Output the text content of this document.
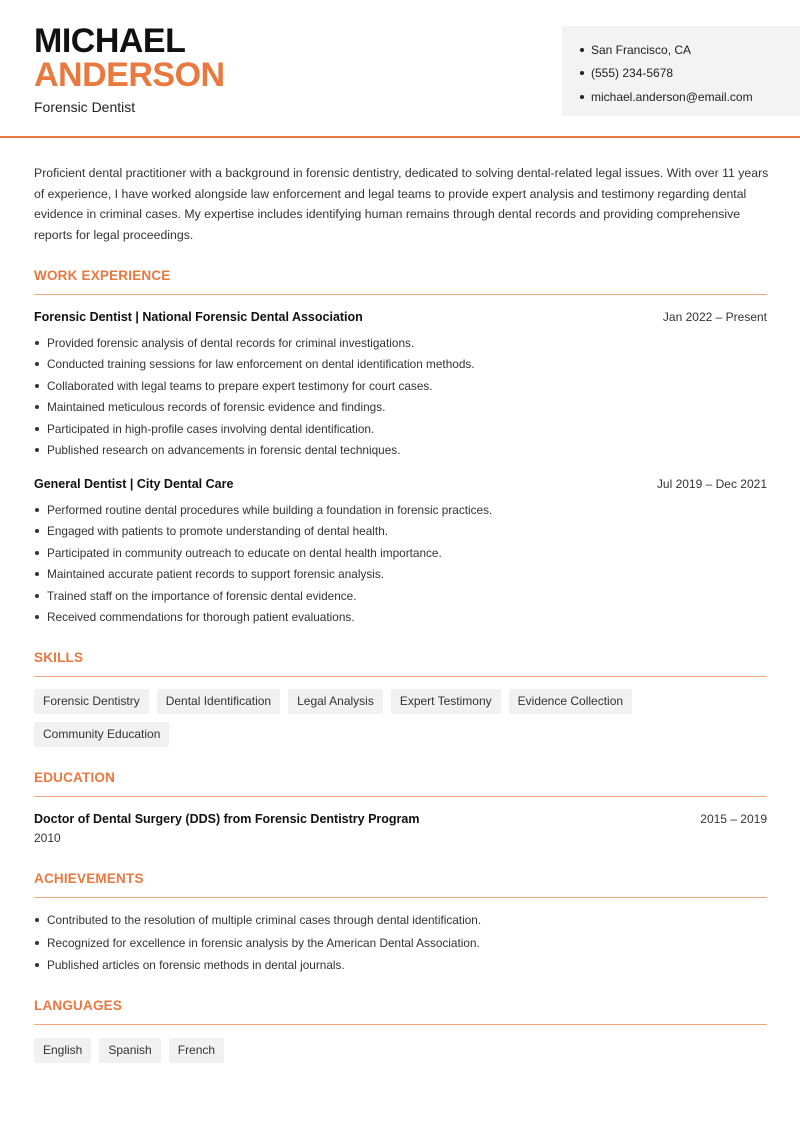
MICHAEL
ANDERSON
Forensic Dentist
San Francisco, CA
(555) 234-5678
michael.anderson@email.com
Proficient dental practitioner with a background in forensic dentistry, dedicated to solving dental-related legal issues. With over 11 years of experience, I have worked alongside law enforcement and legal teams to provide expert analysis and testimony regarding dental evidence in criminal cases. My expertise includes identifying human remains through dental records and providing comprehensive reports for legal proceedings.
WORK EXPERIENCE
Forensic Dentist | National Forensic Dental Association	Jan 2022 – Present
Provided forensic analysis of dental records for criminal investigations.
Conducted training sessions for law enforcement on dental identification methods.
Collaborated with legal teams to prepare expert testimony for court cases.
Maintained meticulous records of forensic evidence and findings.
Participated in high-profile cases involving dental identification.
Published research on advancements in forensic dental techniques.
General Dentist | City Dental Care	Jul 2019 – Dec 2021
Performed routine dental procedures while building a foundation in forensic practices.
Engaged with patients to promote understanding of dental health.
Participated in community outreach to educate on dental health importance.
Maintained accurate patient records to support forensic analysis.
Trained staff on the importance of forensic dental evidence.
Received commendations for thorough patient evaluations.
SKILLS
Forensic Dentistry	Dental Identification	Legal Analysis	Expert Testimony	Evidence Collection
Community Education
EDUCATION
Doctor of Dental Surgery (DDS) from Forensic Dentistry Program	2015 – 2019
2010
ACHIEVEMENTS
Contributed to the resolution of multiple criminal cases through dental identification.
Recognized for excellence in forensic analysis by the American Dental Association.
Published articles on forensic methods in dental journals.
LANGUAGES
English	Spanish	French
